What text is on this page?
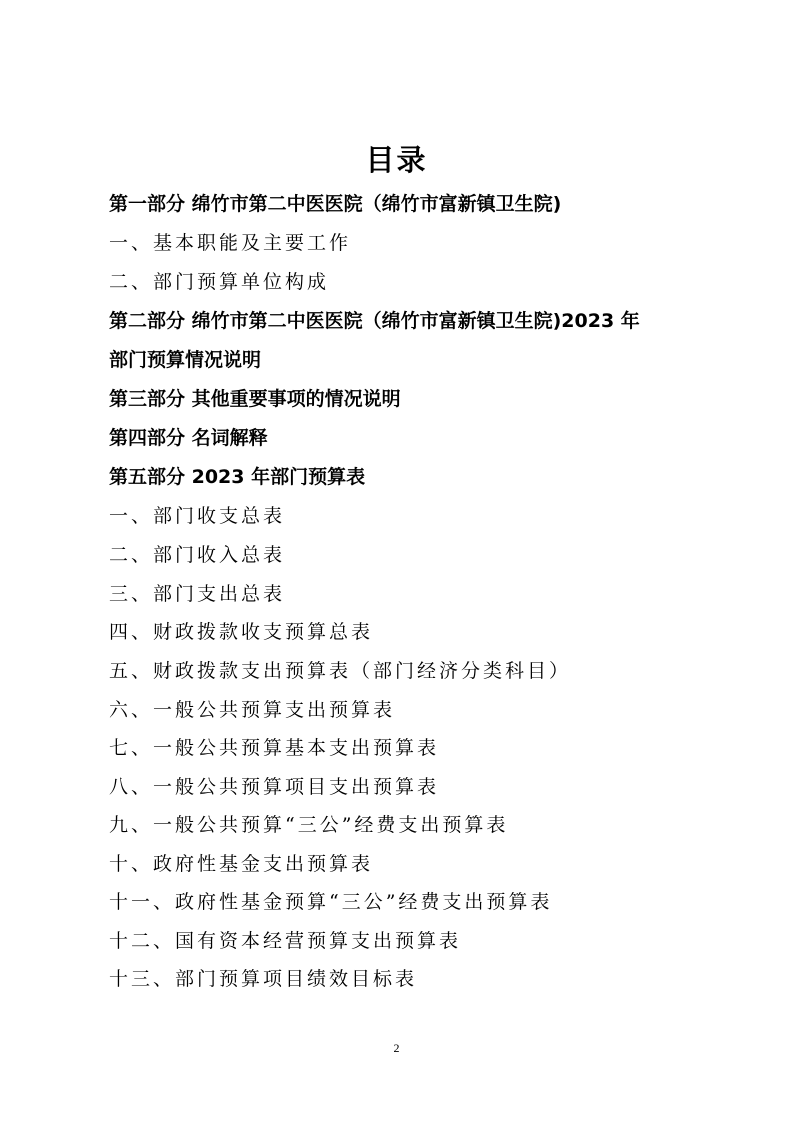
目录
第一部分 绵竹市第二中医医院（绵竹市富新镇卫生院)
一、基本职能及主要工作
二、部门预算单位构成
第二部分 绵竹市第二中医医院（绵竹市富新镇卫生院)2023 年
部门预算情况说明
第三部分 其他重要事项的情况说明
第四部分 名词解释
第五部分 2023 年部门预算表
一、部门收支总表
二、部门收入总表
三、部门支出总表
四、财政拨款收支预算总表
五、财政拨款支出预算表（部门经济分类科目）
六、一般公共预算支出预算表
七、一般公共预算基本支出预算表
八、一般公共预算项目支出预算表
九、一般公共预算“三公”经费支出预算表
十、政府性基金支出预算表
十一、政府性基金预算“三公”经费支出预算表
十二、国有资本经营预算支出预算表
十三、部门预算项目绩效目标表
2
